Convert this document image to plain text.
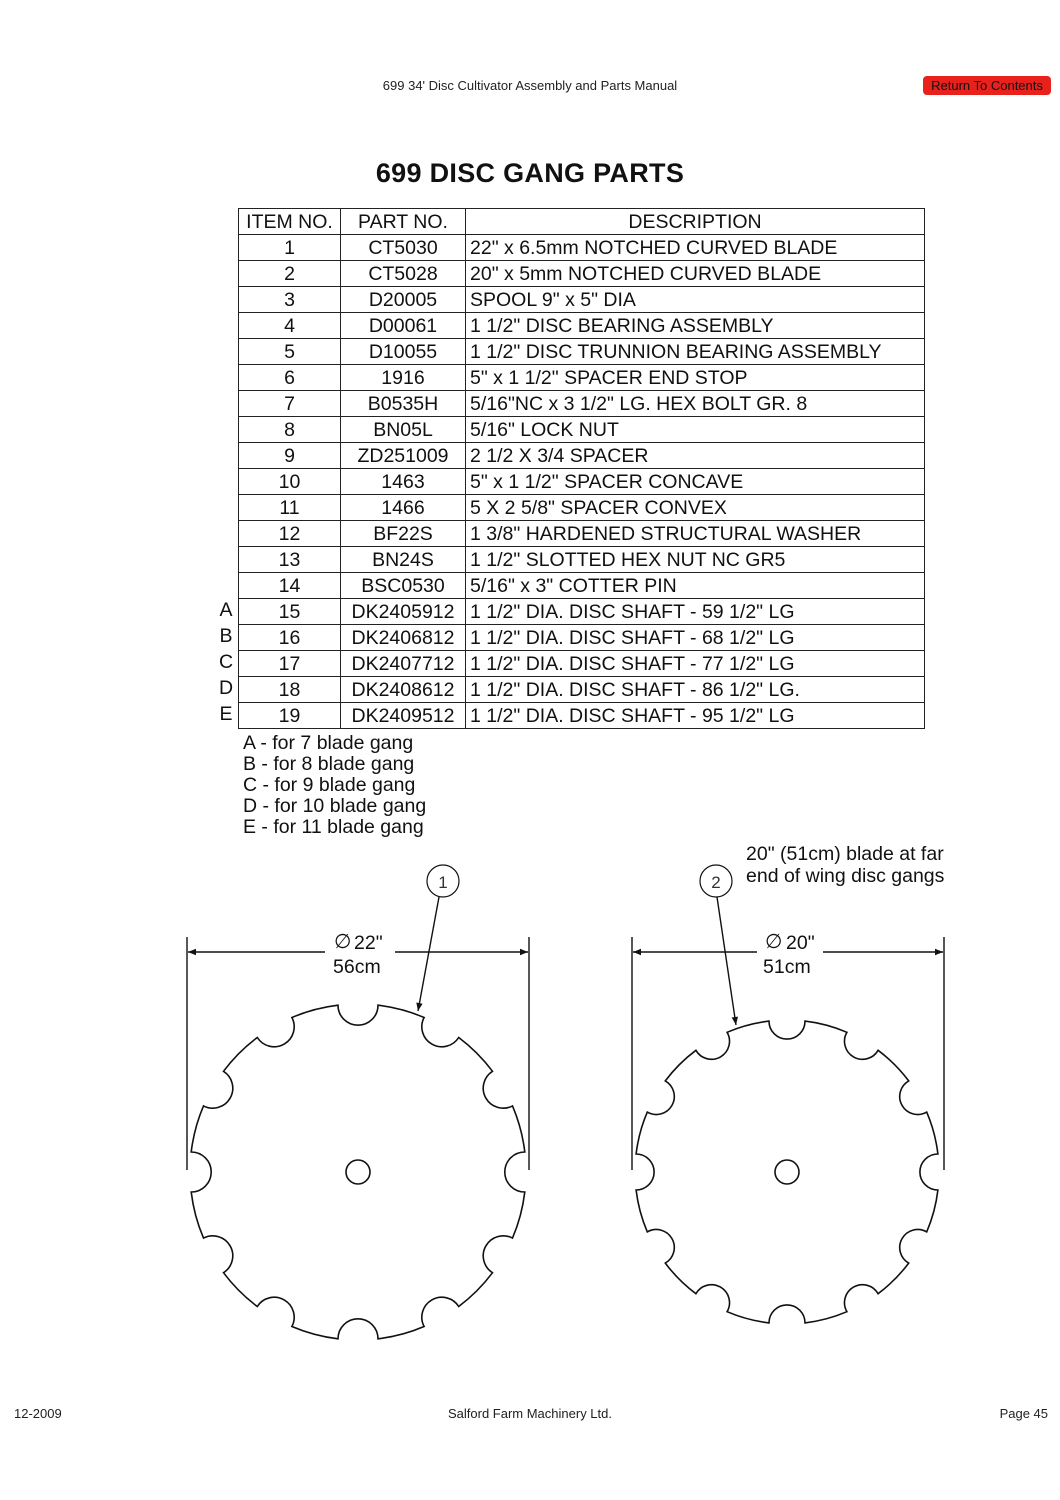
699 34' Disc Cultivator Assembly and Parts Manual	Return To Contents
699 DISC GANG PARTS
ITEM NO.	PART NO.	DESCRIPTION
1	CT5030	22" x 6.5mm NOTCHED CURVED BLADE
2	CT5028	20" x 5mm NOTCHED CURVED BLADE
3	D20005	SPOOL 9" x 5" DIA
4	D00061	1 1/2" DISC BEARING ASSEMBLY
5	D10055	1 1/2" DISC TRUNNION BEARING ASSEMBLY
6	1916	5" x 1 1/2" SPACER END STOP
7	B0535H	5/16"NC x 3 1/2" LG. HEX BOLT GR. 8
8	BN05L	5/16" LOCK NUT
9	ZD251009	2 1/2 X 3/4 SPACER
10	1463	5" x 1 1/2" SPACER CONCAVE
11	1466	5 X 2 5/8" SPACER CONVEX
12	BF22S	1 3/8" HARDENED STRUCTURAL WASHER
13	BN24S	1 1/2" SLOTTED HEX NUT NC GR5
14	BSC0530	5/16" x 3" COTTER PIN
15	DK2405912	1 1/2" DIA. DISC SHAFT - 59 1/2" LG
16	DK2406812	1 1/2" DIA. DISC SHAFT - 68 1/2" LG
17	DK2407712	1 1/2" DIA. DISC SHAFT - 77 1/2" LG
18	DK2408612	1 1/2" DIA. DISC SHAFT - 86 1/2" LG.
19	DK2409512	1 1/2" DIA. DISC SHAFT - 95 1/2" LG
A
B
C
D
E
A - for 7 blade gang
B - for 8 blade gang
C - for 9 blade gang
D - for 10 blade gang
E - for 11 blade gang
20" (51cm) blade at far
end of wing disc gangs
∅ 22"
56cm
1
∅ 20"
51cm
2
12-2009	Salford Farm Machinery Ltd.	Page 45
